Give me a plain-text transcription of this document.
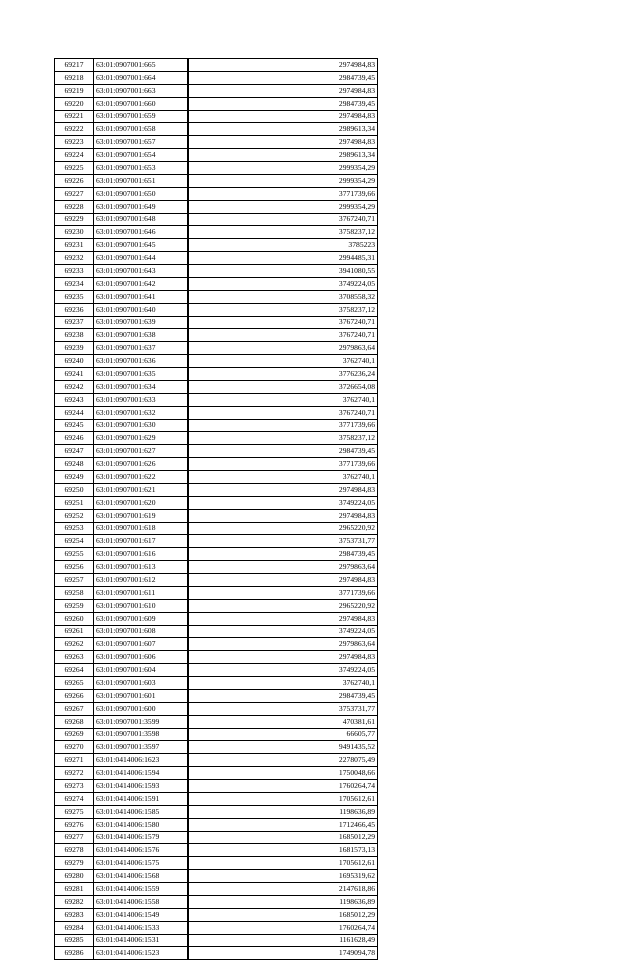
69217	63:01:0907001:665	2974984,83
69218	63:01:0907001:664	2984739,45
69219	63:01:0907001:663	2974984,83
69220	63:01:0907001:660	2984739,45
69221	63:01:0907001:659	2974984,83
69222	63:01:0907001:658	2989613,34
69223	63:01:0907001:657	2974984,83
69224	63:01:0907001:654	2989613,34
69225	63:01:0907001:653	2999354,29
69226	63:01:0907001:651	2999354,29
69227	63:01:0907001:650	3771739,66
69228	63:01:0907001:649	2999354,29
69229	63:01:0907001:648	3767240,71
69230	63:01:0907001:646	3758237,12
69231	63:01:0907001:645	3785223
69232	63:01:0907001:644	2994485,31
69233	63:01:0907001:643	3941080,55
69234	63:01:0907001:642	3749224,05
69235	63:01:0907001:641	3708558,32
69236	63:01:0907001:640	3758237,12
69237	63:01:0907001:639	3767240,71
69238	63:01:0907001:638	3767240,71
69239	63:01:0907001:637	2979863,64
69240	63:01:0907001:636	3762740,1
69241	63:01:0907001:635	3776236,24
69242	63:01:0907001:634	3726654,08
69243	63:01:0907001:633	3762740,1
69244	63:01:0907001:632	3767240,71
69245	63:01:0907001:630	3771739,66
69246	63:01:0907001:629	3758237,12
69247	63:01:0907001:627	2984739,45
69248	63:01:0907001:626	3771739,66
69249	63:01:0907001:622	3762740,1
69250	63:01:0907001:621	2974984,83
69251	63:01:0907001:620	3749224,05
69252	63:01:0907001:619	2974984,83
69253	63:01:0907001:618	2965220,92
69254	63:01:0907001:617	3753731,77
69255	63:01:0907001:616	2984739,45
69256	63:01:0907001:613	2979863,64
69257	63:01:0907001:612	2974984,83
69258	63:01:0907001:611	3771739,66
69259	63:01:0907001:610	2965220,92
69260	63:01:0907001:609	2974984,83
69261	63:01:0907001:608	3749224,05
69262	63:01:0907001:607	2979863,64
69263	63:01:0907001:606	2974984,83
69264	63:01:0907001:604	3749224,05
69265	63:01:0907001:603	3762740,1
69266	63:01:0907001:601	2984739,45
69267	63:01:0907001:600	3753731,77
69268	63:01:0907001:3599	470381,61
69269	63:01:0907001:3598	66605,77
69270	63:01:0907001:3597	9491435,52
69271	63:01:0414006:1623	2278075,49
69272	63:01:0414006:1594	1750048,66
69273	63:01:0414006:1593	1760264,74
69274	63:01:0414006:1591	1705612,61
69275	63:01:0414006:1585	1198636,89
69276	63:01:0414006:1580	1712466,45
69277	63:01:0414006:1579	1685012,29
69278	63:01:0414006:1576	1681573,13
69279	63:01:0414006:1575	1705612,61
69280	63:01:0414006:1568	1695319,62
69281	63:01:0414006:1559	2147618,86
69282	63:01:0414006:1558	1198636,89
69283	63:01:0414006:1549	1685012,29
69284	63:01:0414006:1533	1760264,74
69285	63:01:0414006:1531	1161628,49
69286	63:01:0414006:1523	1749094,78
